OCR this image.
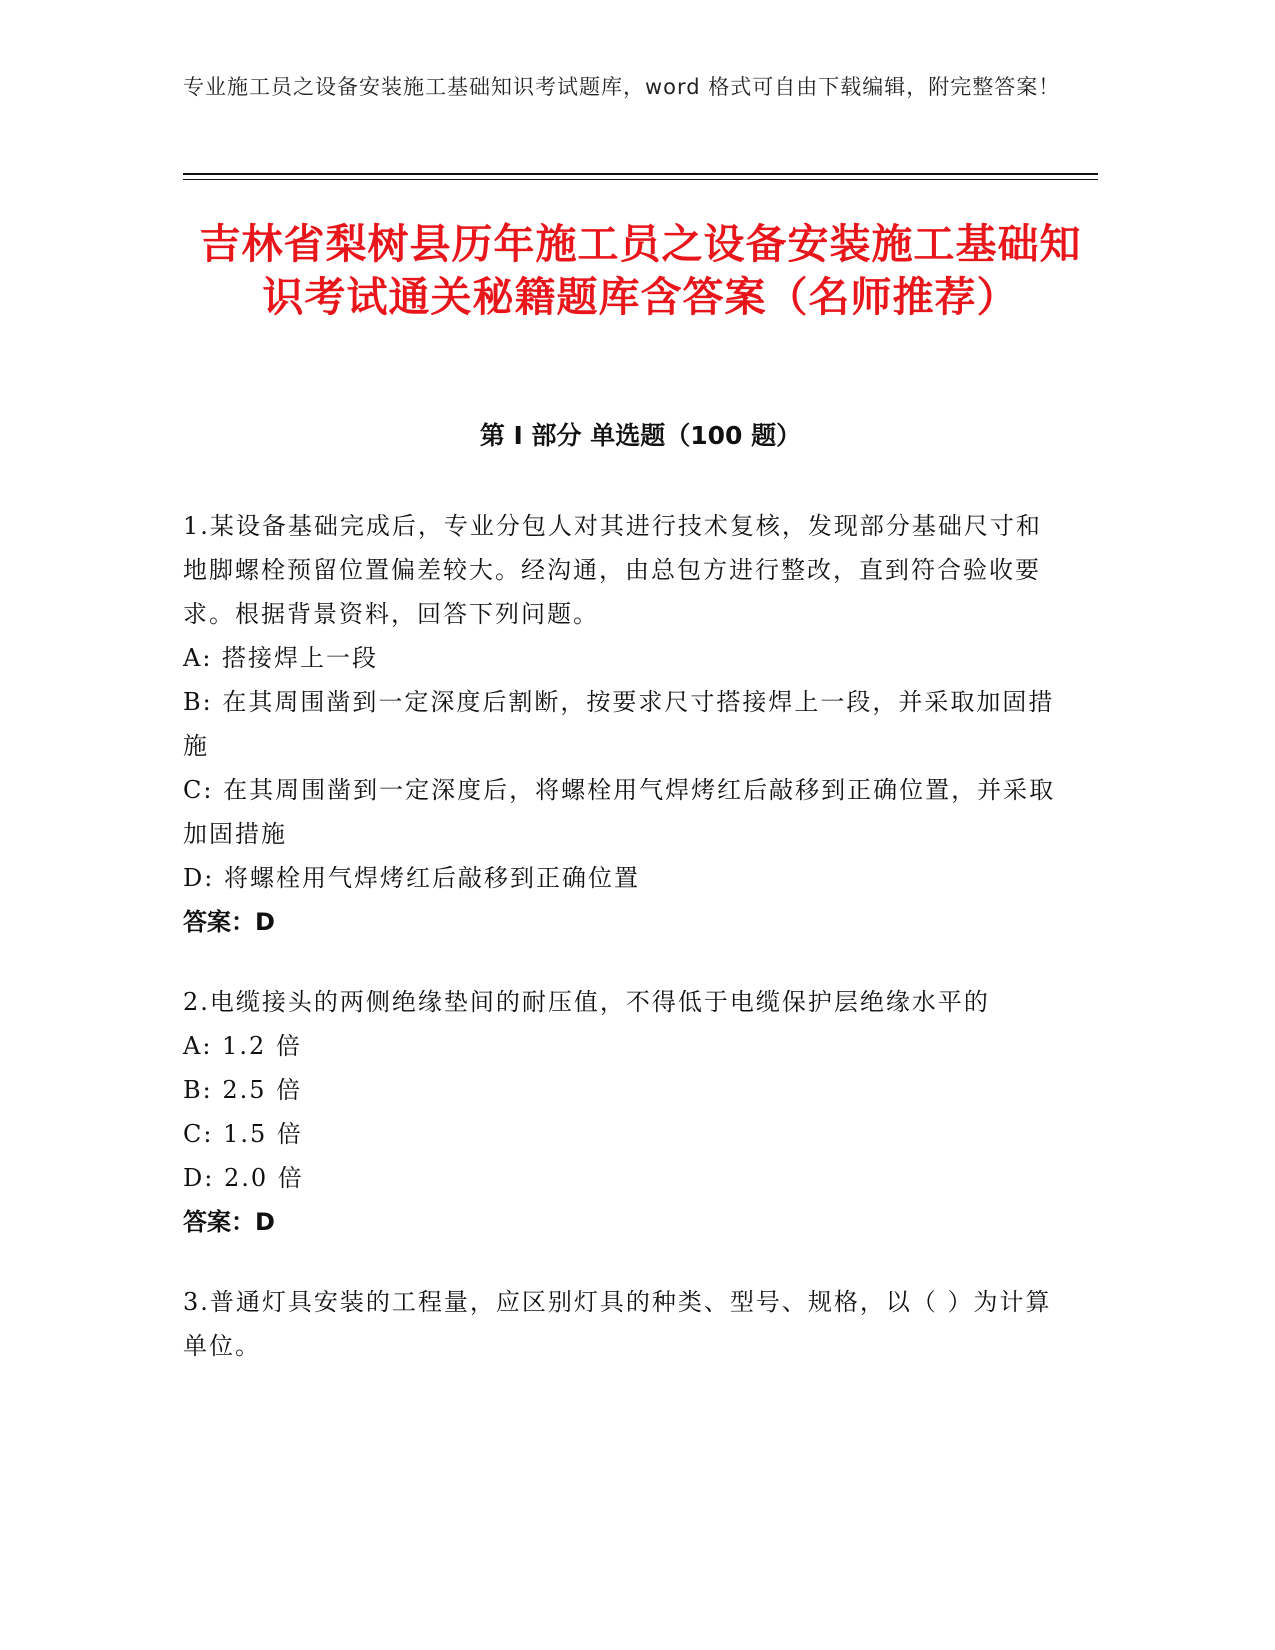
专业施工员之设备安装施工基础知识考试题库，word 格式可自由下载编辑，附完整答案！
吉林省梨树县历年施工员之设备安装施工基础知识考试通关秘籍题库含答案（名师推荐）
第 I 部分 单选题（100 题）
1.某设备基础完成后，专业分包人对其进行技术复核，发现部分基础尺寸和地脚螺栓预留位置偏差较大。经沟通，由总包方进行整改，直到符合验收要求。根据背景资料，回答下列问题。
A: 搭接焊上一段
B: 在其周围凿到一定深度后割断，按要求尺寸搭接焊上一段，并采取加固措施
C: 在其周围凿到一定深度后，将螺栓用气焊烤红后敲移到正确位置，并采取加固措施
D: 将螺栓用气焊烤红后敲移到正确位置
答案：D
2.电缆接头的两侧绝缘垫间的耐压值，不得低于电缆保护层绝缘水平的
A: 1.2 倍
B: 2.5 倍
C: 1.5 倍
D: 2.0 倍
答案：D
3.普通灯具安装的工程量，应区别灯具的种类、型号、规格，以（ ）为计算单位。
